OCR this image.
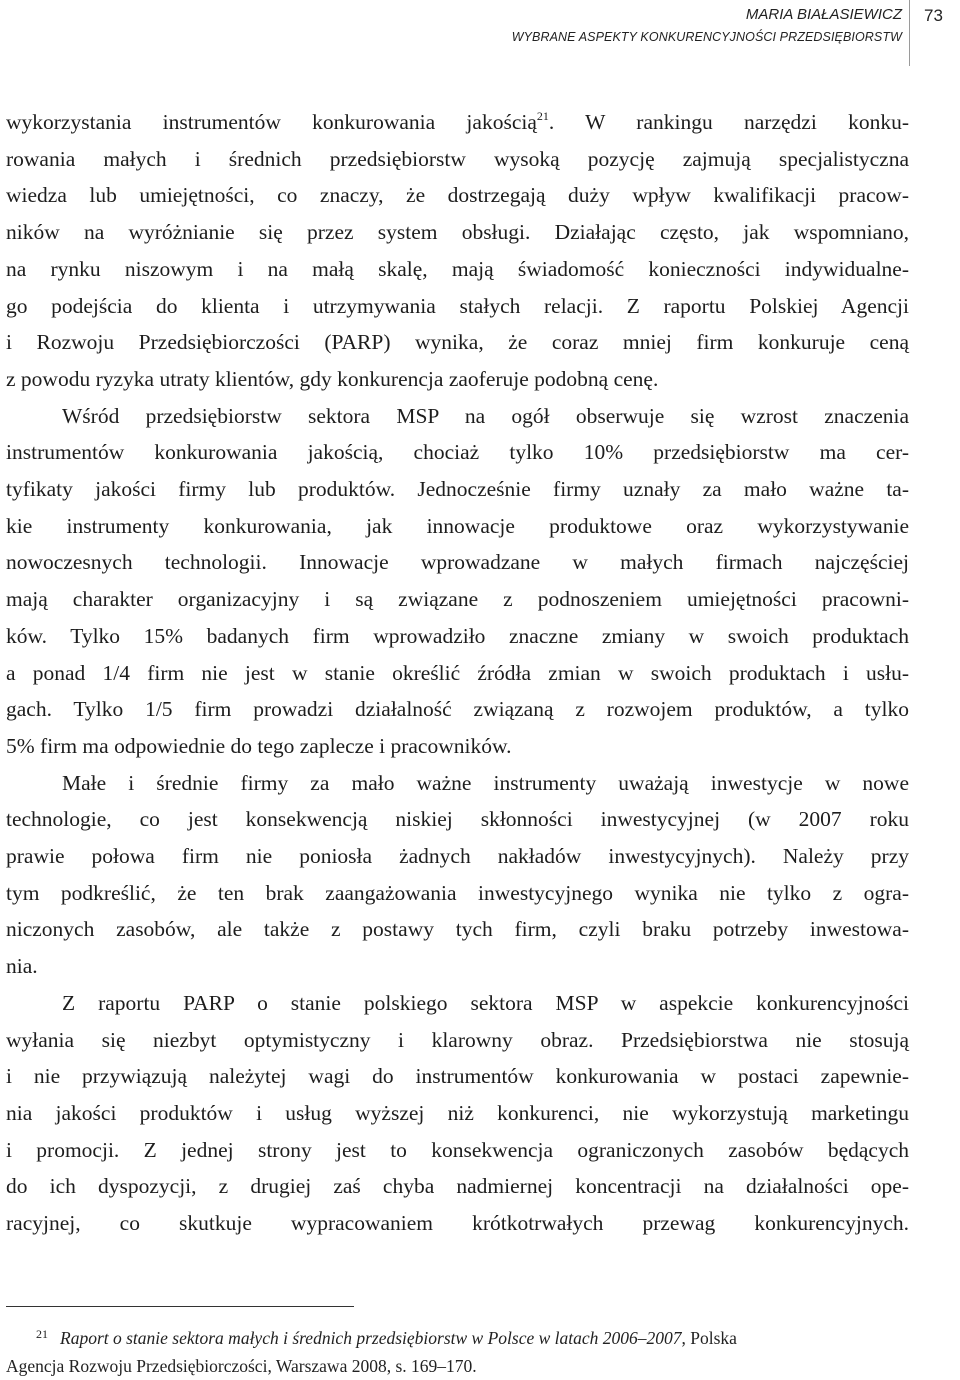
MARIA BIAŁASIEWICZ
WYBRANE ASPEKTY KONKURENCYJNOŚCI PRZEDSIĘBIORSTW
73

wykorzystania instrumentów konkurowania jakością$^{21}$. W rankingu narzędzi konku-
rowania małych i średnich przedsiębiorstw wysoką pozycję zajmują specjalistyczna
wiedza lub umiejętności, co znaczy, że dostrzegają duży wpływ kwalifikacji pracow-
ników na wyróżnianie się przez system obsługi. Działając często, jak wspomniano,
na rynku niszowym i na małą skalę, mają świadomość konieczności indywidualne-
go podejścia do klienta i utrzymywania stałych relacji. Z raportu Polskiej Agencji
i Rozwoju Przedsiębiorczości (PARP) wynika, że coraz mniej firm konkuruje ceną
z powodu ryzyka utraty klientów, gdy konkurencja zaoferuje podobną cenę.

Wśród przedsiębiorstw sektora MSP na ogół obserwuje się wzrost znaczenia
instrumentów konkurowania jakością, chociaż tylko 10% przedsiębiorstw ma cer-
tyfikaty jakości firmy lub produktów. Jednocześnie firmy uznały za mało ważne ta-
kie instrumenty konkurowania, jak innowacje produktowe oraz wykorzystywanie
nowoczesnych technologii. Innowacje wprowadzane w małych firmach najczęściej
mają charakter organizacyjny i są związane z podnoszeniem umiejętności pracowni-
ków. Tylko 15% badanych firm wprowadziło znaczne zmiany w swoich produktach
a ponad 1/4 firm nie jest w stanie określić źródła zmian w swoich produktach i usłu-
gach. Tylko 1/5 firm prowadzi działalność związaną z rozwojem produktów, a tylko
5% firm ma odpowiednie do tego zaplecze i pracowników.

Małe i średnie firmy za mało ważne instrumenty uważają inwestycje w nowe
technologie, co jest konsekwencją niskiej skłonności inwestycyjnej (w 2007 roku
prawie połowa firm nie poniosła żadnych nakładów inwestycyjnych). Należy przy
tym podkreślić, że ten brak zaangażowania inwestycyjnego wynika nie tylko z ogra-
niczonych zasobów, ale także z postawy tych firm, czyli braku potrzeby inwestowa-
nia.

Z raportu PARP o stanie polskiego sektora MSP w aspekcie konkurencyjności
wyłania się niezbyt optymistyczny i klarowny obraz. Przedsiębiorstwa nie stosują
i nie przywiązują należytej wagi do instrumentów konkurowania w postaci zapewnie-
nia jakości produktów i usług wyższej niż konkurenci, nie wykorzystują marketingu
i promocji. Z jednej strony jest to konsekwencja ograniczonych zasobów będących
do ich dyspozycji, z drugiej zaś chyba nadmiernej koncentracji na działalności ope-
racyjnej, co skutkuje wypracowaniem krótkotrwałych przewag konkurencyjnych.

$^{21}$ Raport o stanie sektora małych i średnich przedsiębiorstw w Polsce w latach 2006–2007, Polska
Agencja Rozwoju Przedsiębiorczości, Warszawa 2008, s. 169–170.
